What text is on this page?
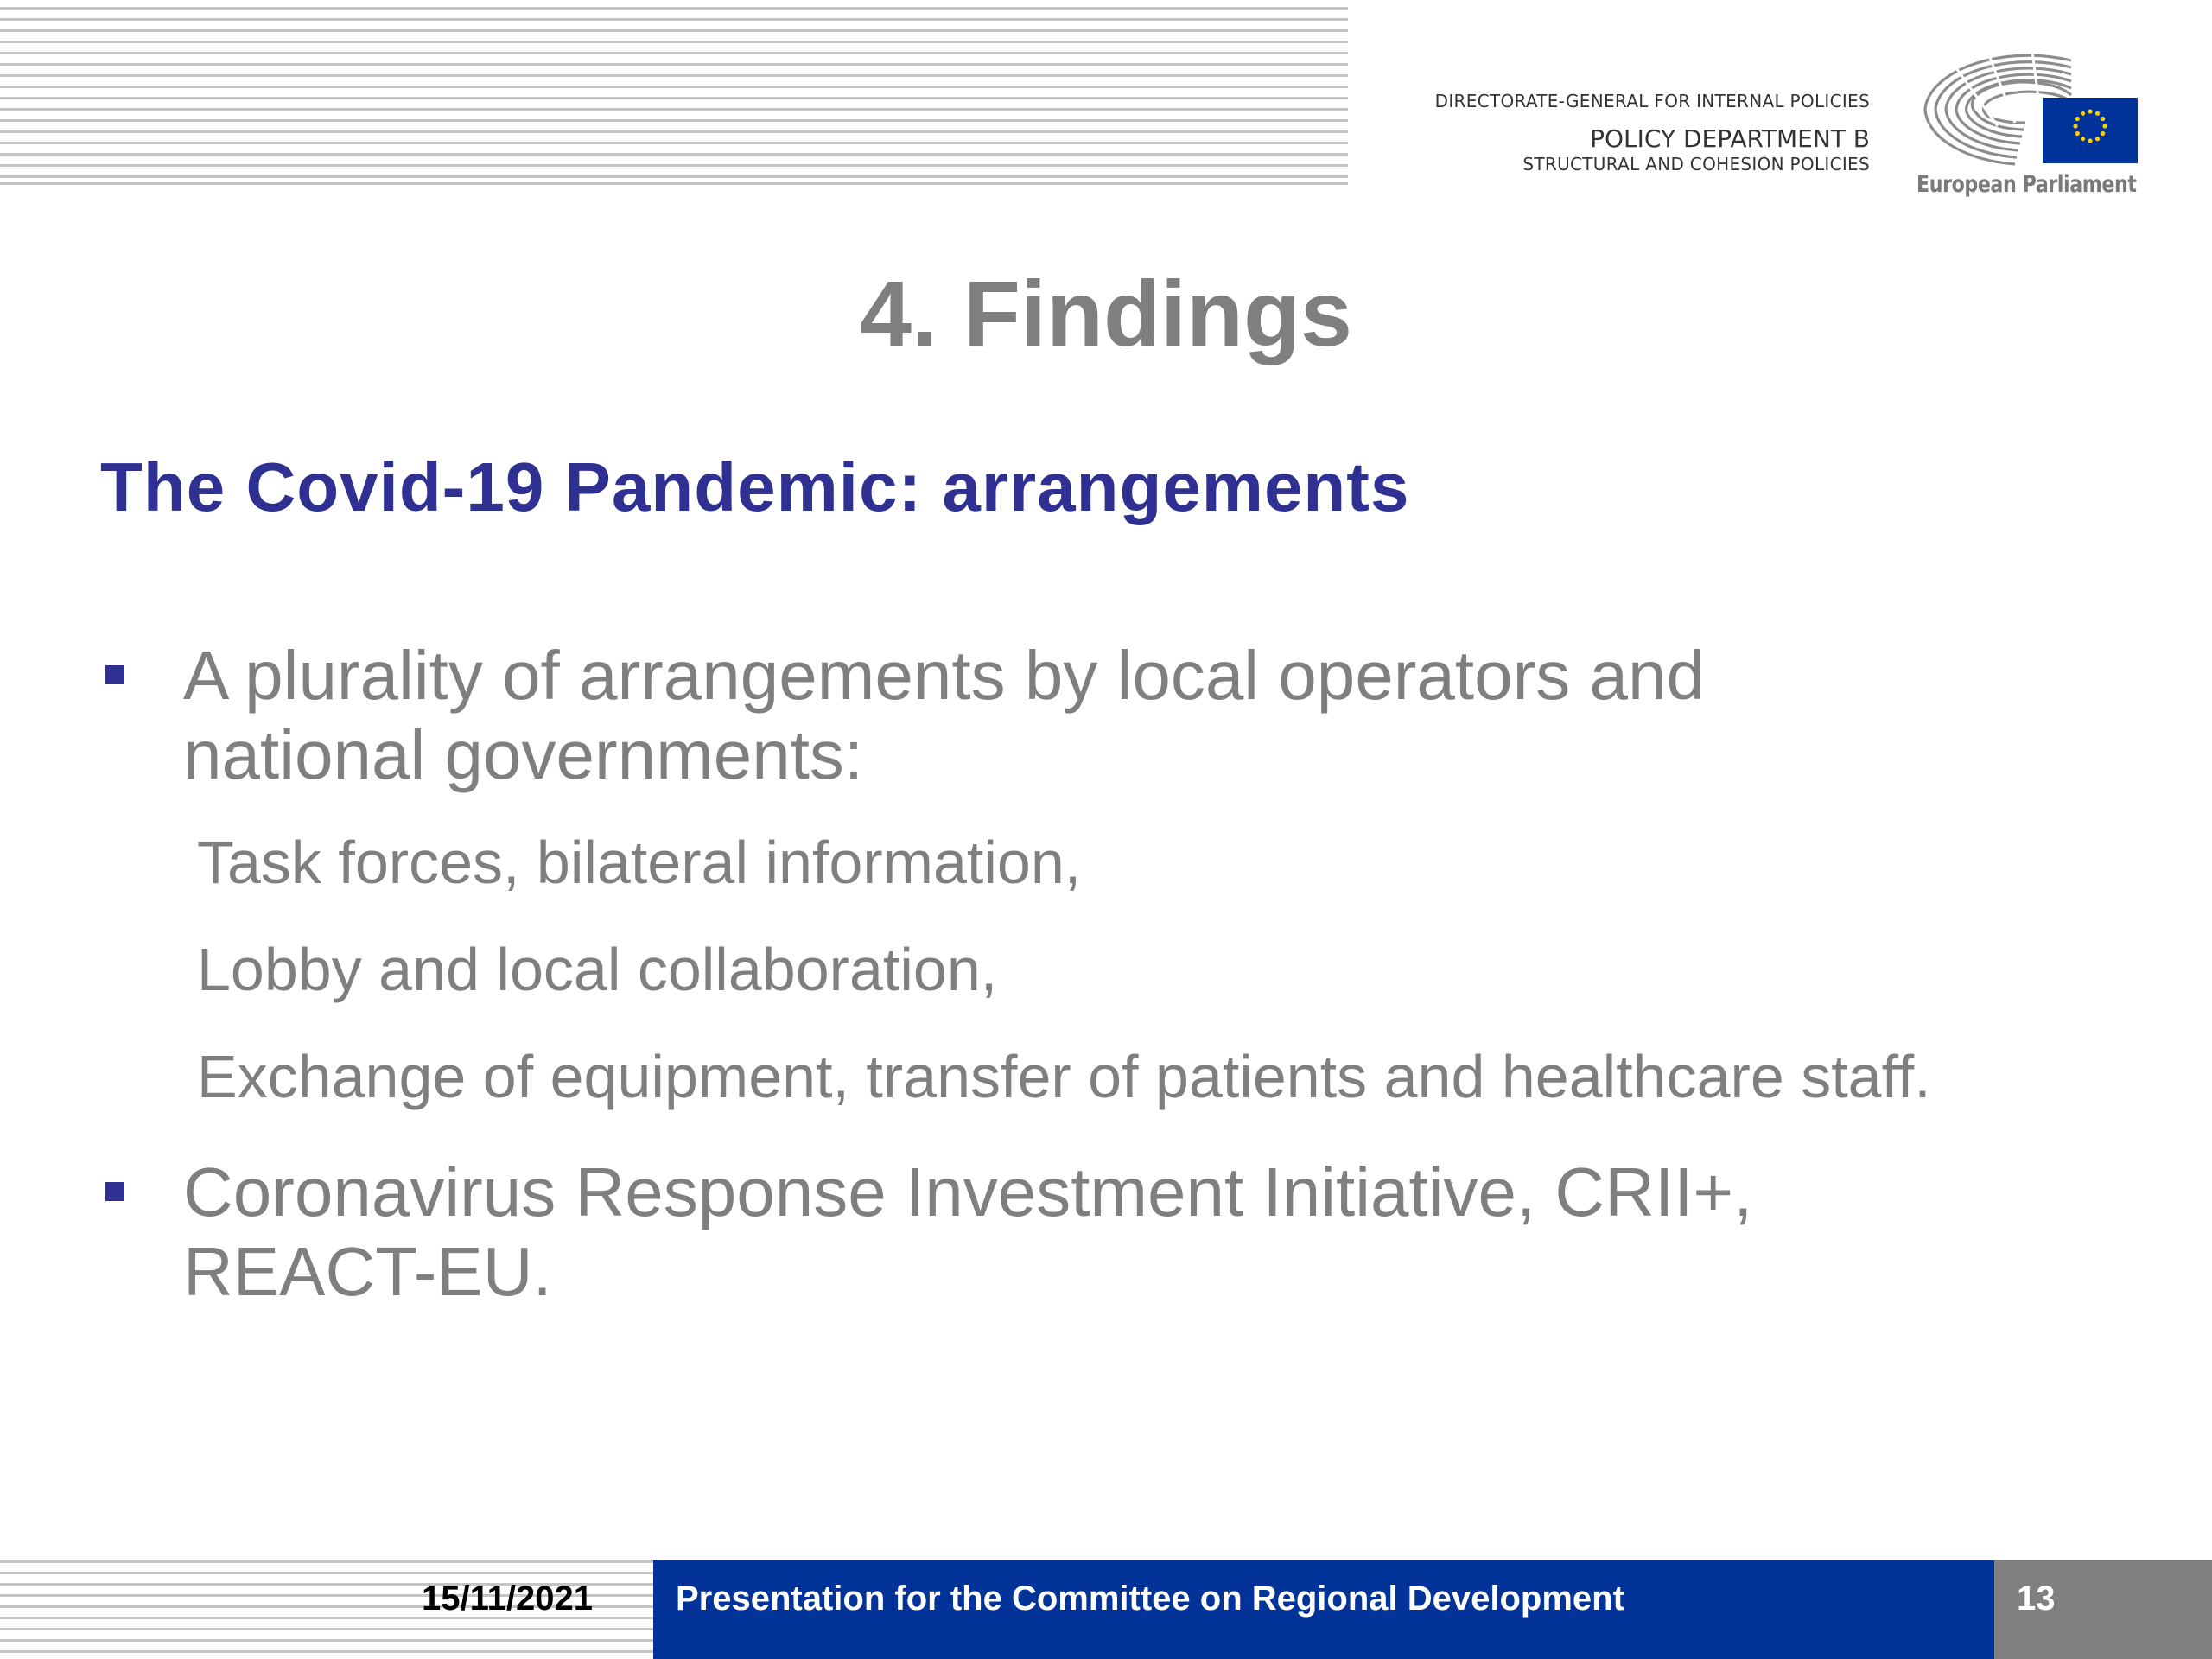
DIRECTORATE-GENERAL FOR INTERNAL POLICIES
POLICY DEPARTMENT B
STRUCTURAL AND COHESION POLICIES
European Parliament
4. Findings
The Covid-19 Pandemic: arrangements
A plurality of arrangements by local operators and
national governments:
Task forces, bilateral information,
Lobby and local collaboration,
Exchange of equipment, transfer of patients and healthcare staff.
Coronavirus Response Investment Initiative, CRII+,
REACT-EU.
15/11/2021 Presentation for the Committee on Regional Development	13
